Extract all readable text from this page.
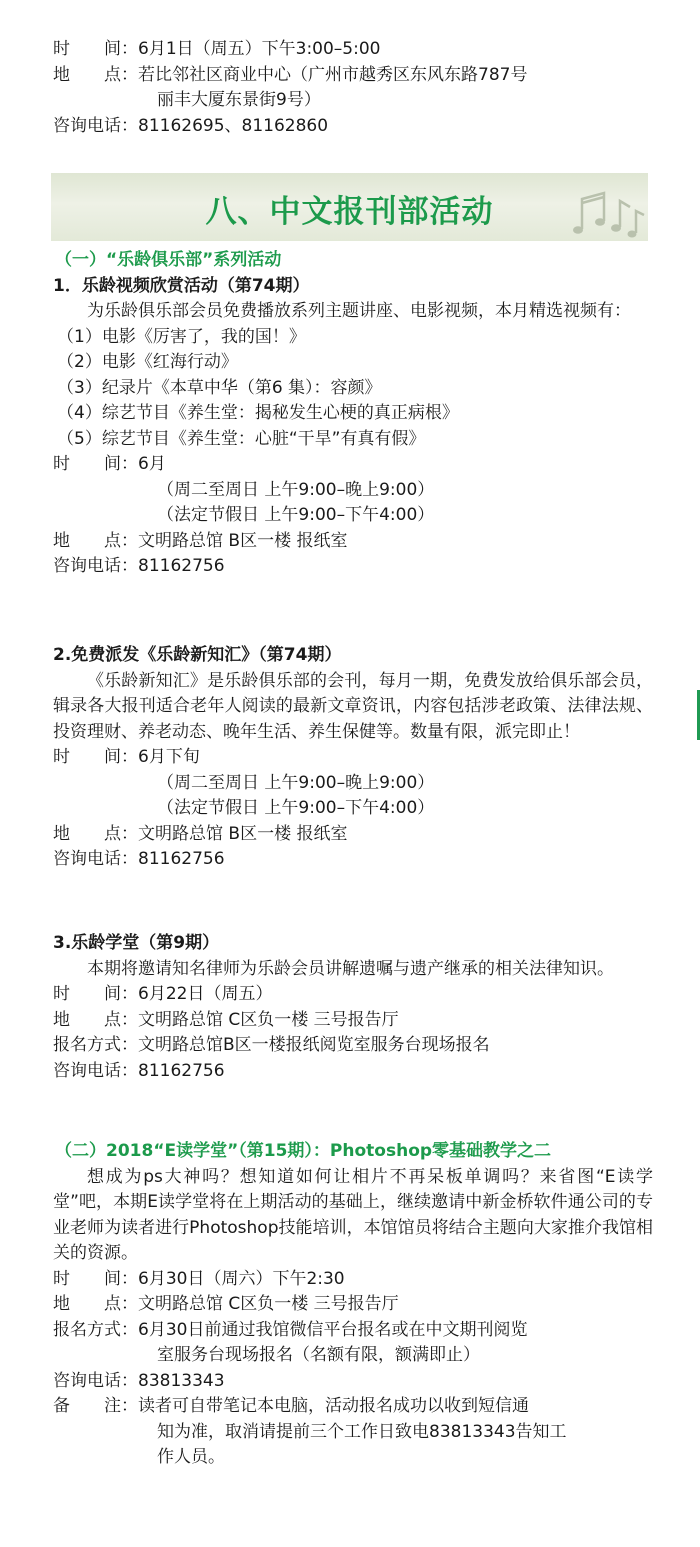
时　　间： 6月1日（周五）下午3:00–5:00
地　　点： 若比邻社区商业中心（广州市越秀区东风东路787号
丽丰大厦东景街9号）
咨询电话： 81162695、81162860
八、中文报刊部活动
（一）“乐龄俱乐部”系列活动
1．乐龄视频欣赏活动（第74期）
为乐龄俱乐部会员免费播放系列主题讲座、电影视频，本月精选视频有：
（1）电影《厉害了，我的国！》
（2）电影《红海行动》
（3）纪录片《本草中华（第6 集）：容颜》
（4）综艺节目《养生堂：揭秘发生心梗的真正病根》
（5）综艺节目《养生堂：心脏“干旱”有真有假》
时　　间： 6月
（周二至周日 上午9:00–晚上9:00）
（法定节假日 上午9:00–下午4:00）
地　　点： 文明路总馆 B区一楼 报纸室
咨询电话： 81162756
2.免费派发《乐龄新知汇》（第74期）
《乐龄新知汇》是乐龄俱乐部的会刊，每月一期，免费发放给俱乐部会员，辑录各大报刊适合老年人阅读的最新文章资讯，内容包括涉老政策、法律法规、投资理财、养老动态、晚年生活、养生保健等。数量有限，派完即止！
时　　间： 6月下旬
（周二至周日 上午9:00–晚上9:00）
（法定节假日 上午9:00–下午4:00）
地　　点： 文明路总馆 B区一楼 报纸室
咨询电话： 81162756
3.乐龄学堂（第9期）
本期将邀请知名律师为乐龄会员讲解遗嘱与遗产继承的相关法律知识。
时　　间： 6月22日（周五）
地　　点： 文明路总馆 C区负一楼 三号报告厅
报名方式： 文明路总馆B区一楼报纸阅览室服务台现场报名
咨询电话： 81162756
（二）2018“E读学堂”（第15期）：Photoshop零基础教学之二
想成为ps大神吗？想知道如何让相片不再呆板单调吗？来省图“E读学堂”吧，本期E读学堂将在上期活动的基础上，继续邀请中新金桥软件通公司的专业老师为读者进行Photoshop技能培训，本馆馆员将结合主题向大家推介我馆相关的资源。
时　　间： 6月30日（周六）下午2:30
地　　点： 文明路总馆 C区负一楼 三号报告厅
报名方式： 6月30日前通过我馆微信平台报名或在中文期刊阅览
室服务台现场报名（名额有限，额满即止）
咨询电话： 83813343
备　　注： 读者可自带笔记本电脑，活动报名成功以收到短信通
知为准，取消请提前三个工作日致电83813343告知工
作人员。
